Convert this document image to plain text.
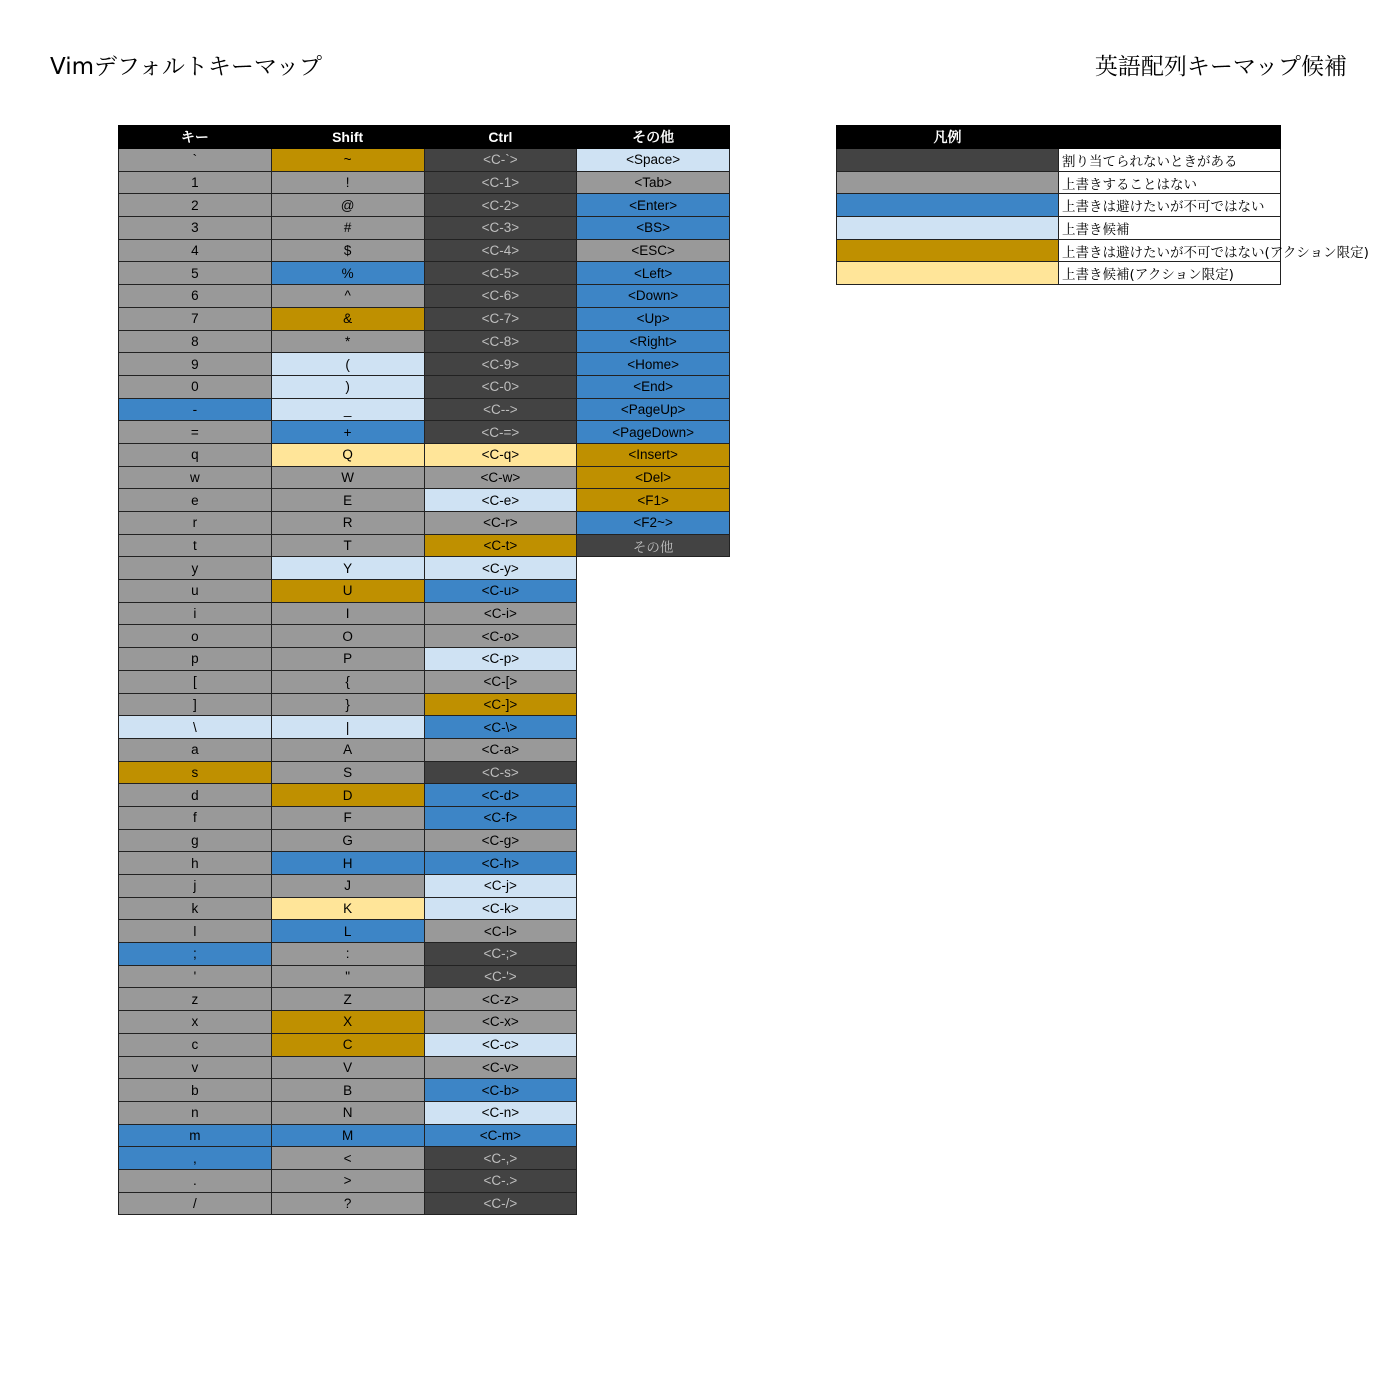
Vimデフォルトキーマップ	英語配列キーマップ候補
キー	Shift	Ctrl	その他
`	~	<C-`>	<Space>
1	!	<C-1>	<Tab>
2	@	<C-2>	<Enter>
3	#	<C-3>	<BS>
4	$	<C-4>	<ESC>
5	%	<C-5>	<Left>
6	^	<C-6>	<Down>
7	&	<C-7>	<Up>
8	*	<C-8>	<Right>
9	(	<C-9>	<Home>
0	)	<C-0>	<End>
-	_	<C-->	<PageUp>
=	+	<C-=>	<PageDown>
q	Q	<C-q>	<Insert>
w	W	<C-w>	<Del>
e	E	<C-e>	<F1>
r	R	<C-r>	<F2~>
t	T	<C-t>	その他
y	Y	<C-y>	
u	U	<C-u>	
i	I	<C-i>	
o	O	<C-o>	
p	P	<C-p>	
[	{	<C-[>	
]	}	<C-]>	
\	|	<C-\>	
a	A	<C-a>	
s	S	<C-s>	
d	D	<C-d>	
f	F	<C-f>	
g	G	<C-g>	
h	H	<C-h>	
j	J	<C-j>	
k	K	<C-k>	
l	L	<C-l>	
;	:	<C-;>	
'	"	<C-'>	
z	Z	<C-z>	
x	X	<C-x>	
c	C	<C-c>	
v	V	<C-v>	
b	B	<C-b>	
n	N	<C-n>	
m	M	<C-m>	
,	<	<C-,>	
.	>	<C-.>	
/	?	<C-/>	
凡例	
	割り当てられないときがある
	上書きすることはない
	上書きは避けたいが不可ではない
	上書き候補
	上書きは避けたいが不可ではない(アクション限定)
	上書き候補(アクション限定)
